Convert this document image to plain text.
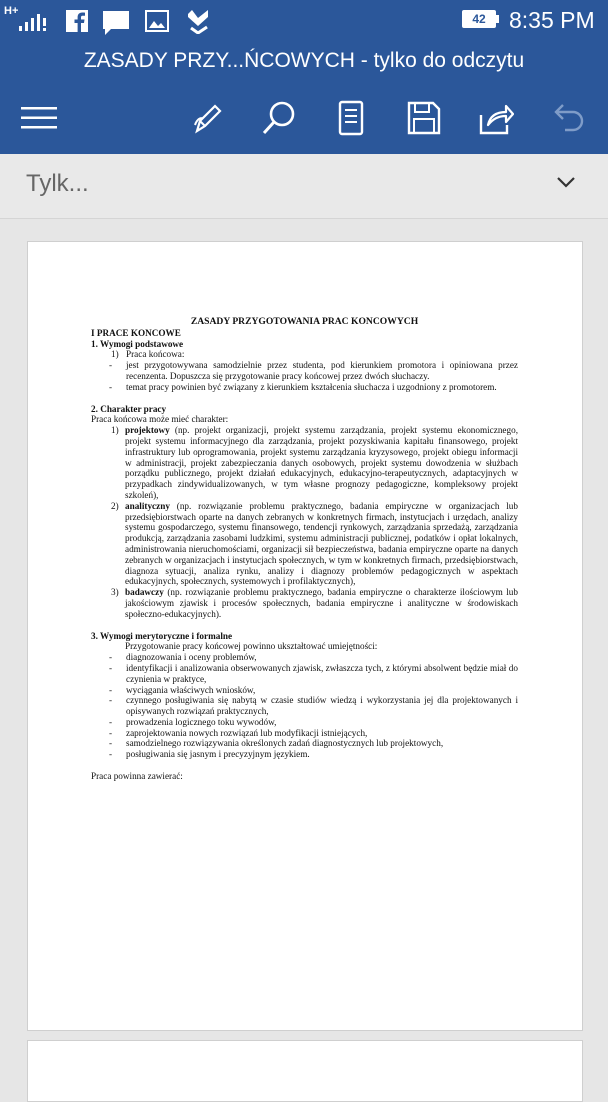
H+
42	8:35 PM
ZASADY PRZY...ŃCOWYCH - tylko do odczytu
Tylk...

ZASADY PRZYGOTOWANIA PRAC KONCOWYCH

I PRACE KONCOWE

1. Wymogi podstawowe

1) Praca końcowa:

- jest przygotowywana samodzielnie przez studenta, pod kierunkiem promotora i opiniowana przez recenzenta. Dopuszcza się przygotowanie pracy końcowej przez dwóch słuchaczy.

- temat pracy powinien być związany z kierunkiem kształcenia słuchacza i uzgodniony z promotorem.

2. Charakter pracy

Praca końcowa może mieć charakter:

1) projektowy (np. projekt organizacji, projekt systemu zarządzania, projekt systemu ekonomicznego, projekt systemu informacyjnego dla zarządzania, projekt pozyskiwania kapitału finansowego, projekt infrastruktury lub oprogramowania, projekt systemu zarządzania kryzysowego, projekt obiegu informacji w administracji, projekt zabezpieczania danych osobowych, projekt systemu dowodzenia w służbach porządku publicznego, projekt działań edukacyjnych, edukacyjno-terapeutycznych, adaptacyjnych w przypadkach zindywidualizowanych, w tym własne prognozy pedagogiczne, kompleksowy projekt szkoleń),

2) analityczny (np. rozwiązanie problemu praktycznego, badania empiryczne w organizacjach lub przedsiębiorstwach oparte na danych zebranych w konkretnych firmach, instytucjach i urzędach, analizy systemu gospodarczego, systemu finansowego, tendencji rynkowych, zarządzania sprzedażą, zarządzania produkcją, zarządzania zasobami ludzkimi, systemu administracji publicznej, podatków i opłat lokalnych, administrowania nieruchomościami, organizacji sił bezpieczeństwa, badania empiryczne oparte na danych zebranych w organizacjach i instytucjach społecznych, w tym w konkretnych firmach, przedsiębiorstwach, diagnoza sytuacji, analiza rynku, analizy i diagnozy problemów pedagogicznych w aspektach edukacyjnych, społecznych, systemowych i profilaktycznych),

3) badawczy (np. rozwiązanie problemu praktycznego, badania empiryczne o charakterze ilościowym lub jakościowym zjawisk i procesów społecznych, badania empiryczne i analityczne w środowiskach społeczno-edukacyjnych).

3. Wymogi merytoryczne i formalne

Przygotowanie pracy końcowej powinno ukształtować umiejętności:

- diagnozowania i oceny problemów,

- identyfikacji i analizowania obserwowanych zjawisk, zwłaszcza tych, z którymi absolwent będzie miał do czynienia w praktyce,

- wyciągania właściwych wniosków,

- czynnego posługiwania się nabytą w czasie studiów wiedzą i wykorzystania jej dla projektowanych i opisywanych rozwiązań praktycznych,

- prowadzenia logicznego toku wywodów,

- zaprojektowania nowych rozwiązań lub modyfikacji istniejących,

- samodzielnego rozwiązywania określonych zadań diagnostycznych lub projektowych,

- posługiwania się jasnym i precyzyjnym językiem.

Praca powinna zawierać:
